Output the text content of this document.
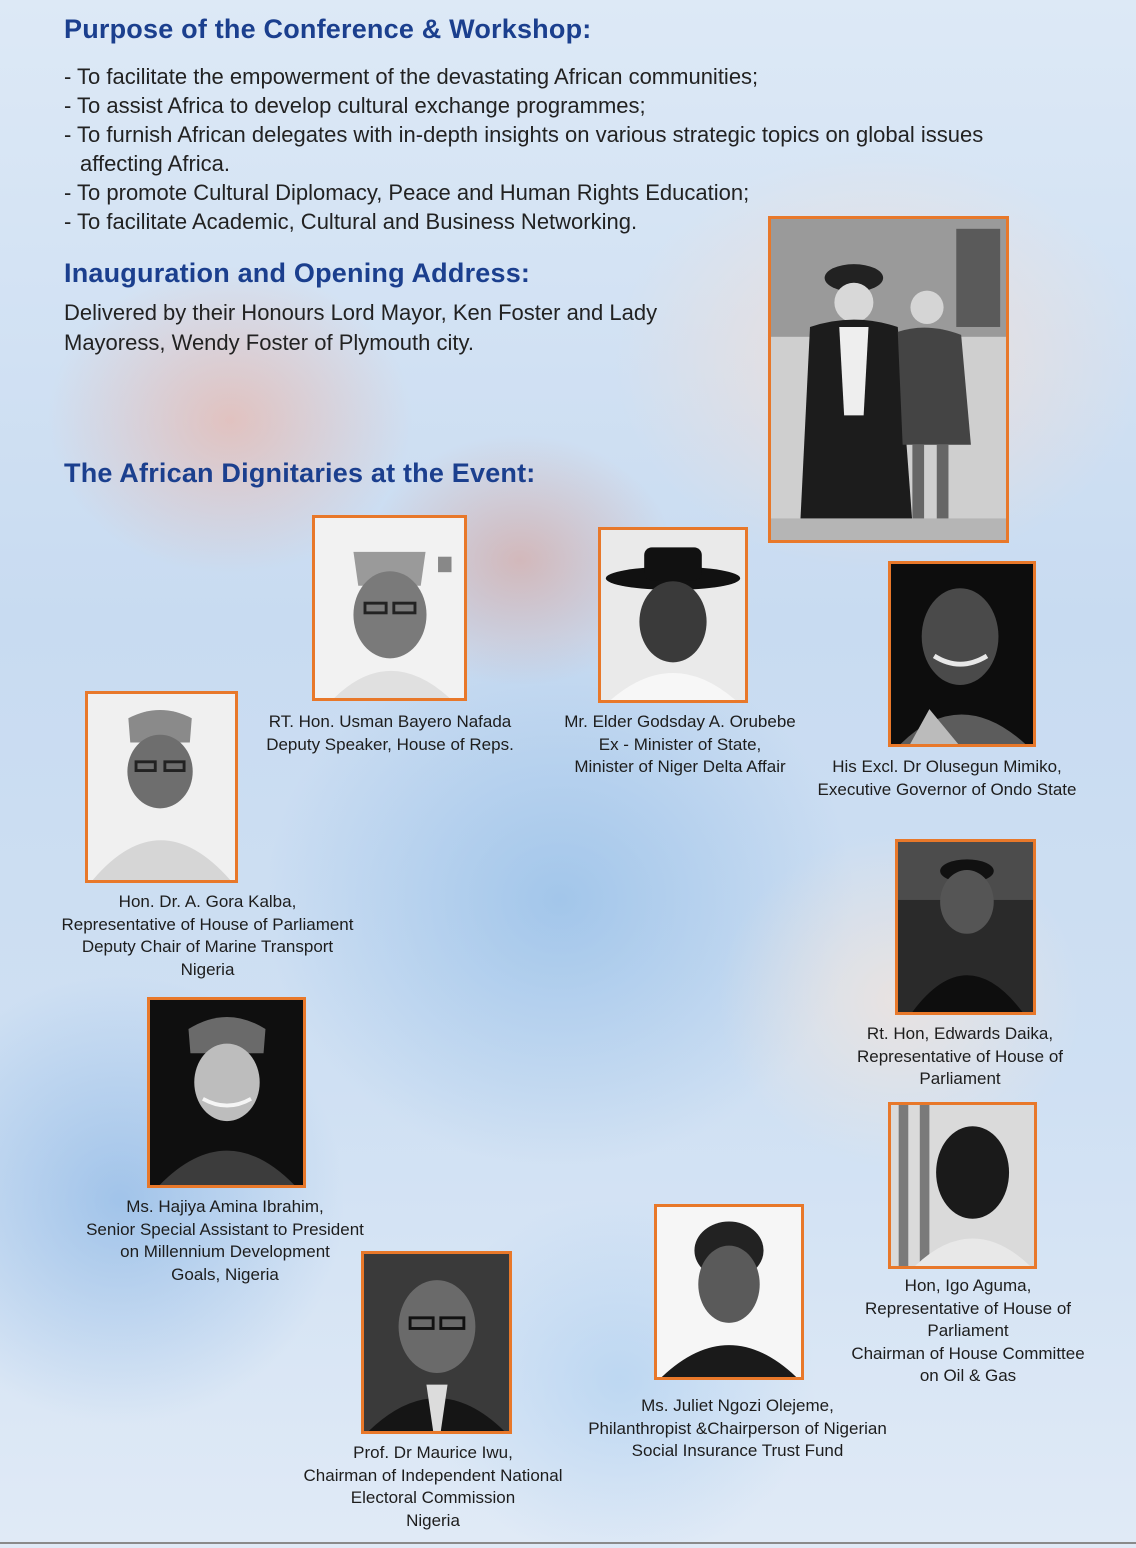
Purpose of the Conference & Workshop:
- To facilitate the empowerment of the devastating African communities;
- To assist Africa to develop cultural exchange programmes;
- To furnish African delegates with in-depth insights on various strategic topics on global issues affecting Africa.
- To promote Cultural Diplomacy, Peace and Human Rights Education;
- To facilitate Academic, Cultural and Business Networking.
Inauguration and Opening Address:
Delivered by their Honours Lord Mayor, Ken Foster and Lady Mayoress, Wendy Foster of Plymouth city.
The African Dignitaries at the Event:
RT. Hon. Usman Bayero Nafada
Deputy Speaker, House of Reps.
Mr. Elder Godsday A. Orubebe
Ex - Minister of State,
Minister of Niger Delta Affair	His Excl. Dr Olusegun Mimiko,
Executive Governor of Ondo State
Hon. Dr. A. Gora Kalba,
Representative of House of Parliament
Deputy Chair of Marine Transport
Nigeria
Rt. Hon, Edwards Daika,
Representative of House of
Parliament
Ms. Hajiya Amina Ibrahim,
Senior Special Assistant to President
on Millennium Development
Goals, Nigeria
Hon, Igo Aguma,
Representative of House of
Parliament
Chairman of House Committee
on Oil & Gas
Ms. Juliet Ngozi Olejeme,
Philanthropist &Chairperson of Nigerian
Social Insurance Trust Fund
Prof. Dr Maurice Iwu,
Chairman of Independent National
Electoral Commission
Nigeria
